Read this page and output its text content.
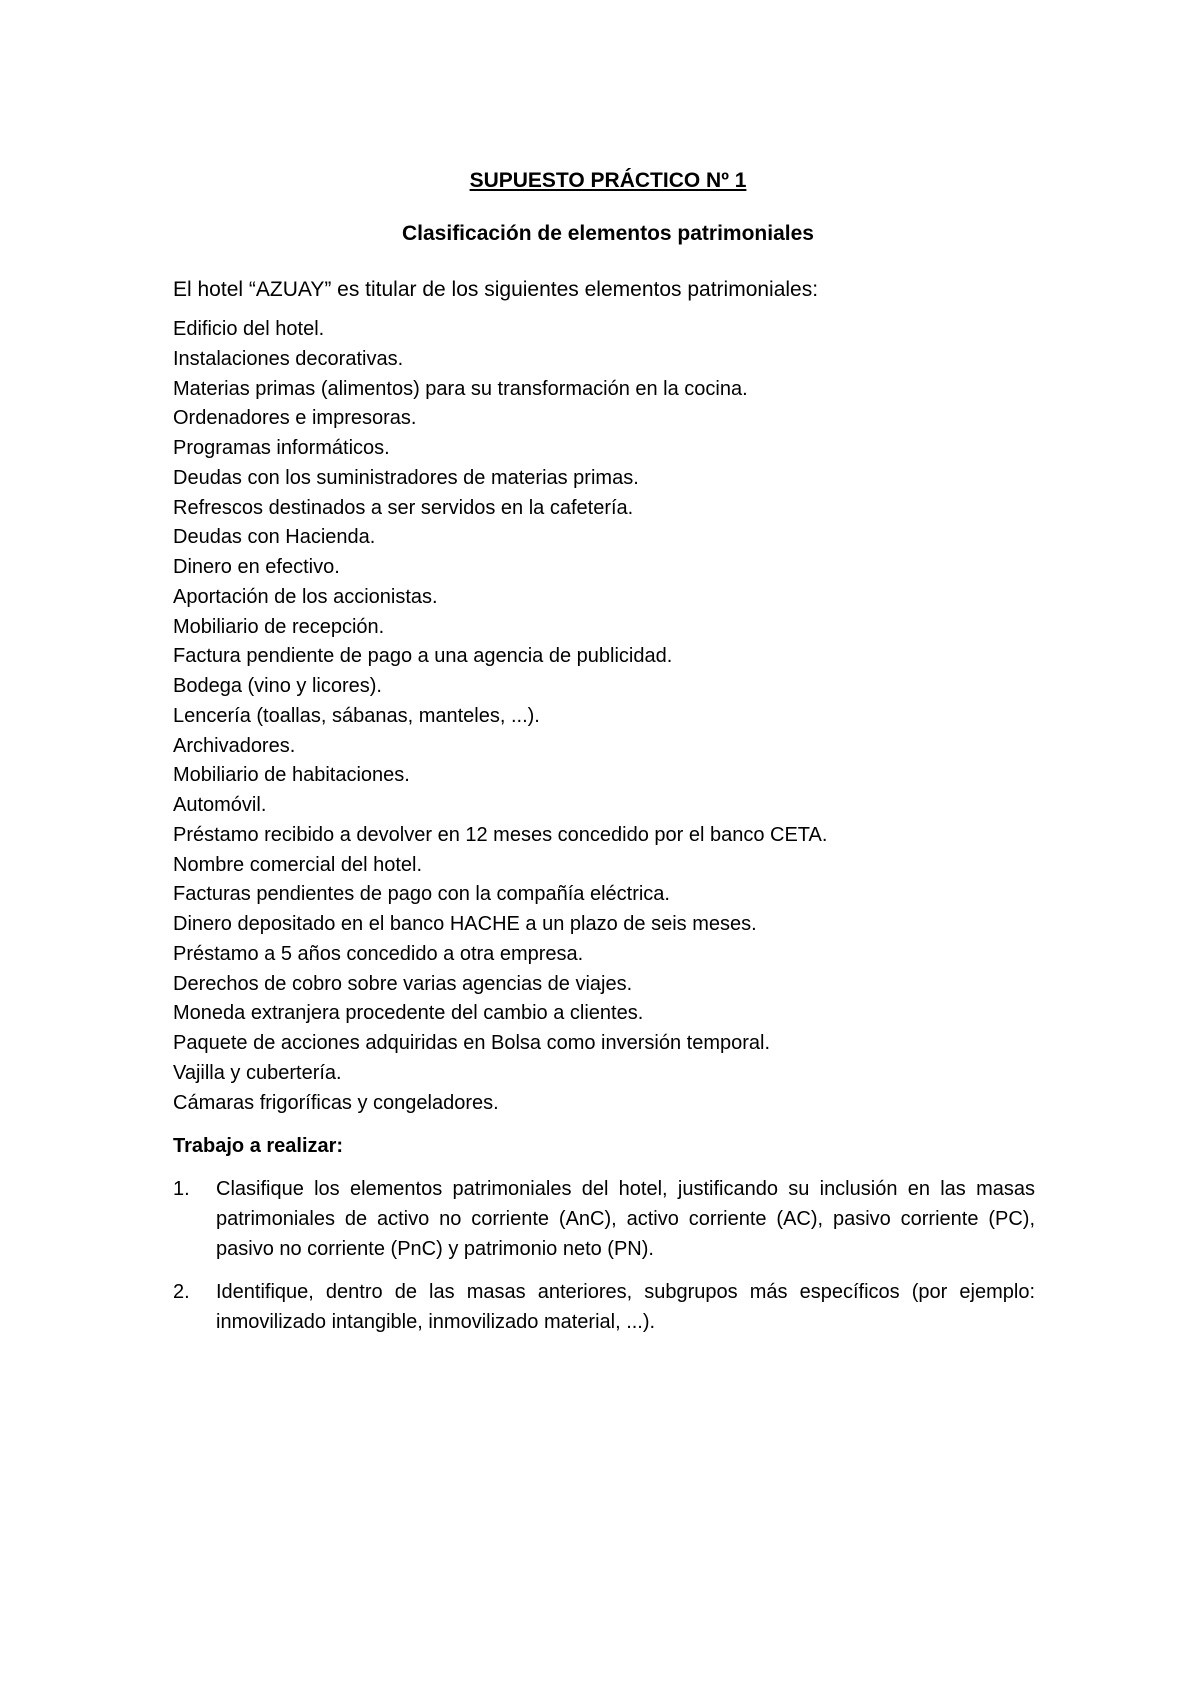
SUPUESTO PRÁCTICO Nº 1
Clasificación de elementos patrimoniales
El hotel “AZUAY” es titular de los siguientes elementos patrimoniales:
Edificio del hotel.
Instalaciones decorativas.
Materias primas (alimentos) para su transformación en la cocina.
Ordenadores e impresoras.
Programas informáticos.
Deudas con los suministradores de materias primas.
Refrescos destinados a ser servidos en la cafetería.
Deudas con Hacienda.
Dinero en efectivo.
Aportación de los accionistas.
Mobiliario de recepción.
Factura pendiente de pago a una agencia de publicidad.
Bodega (vino y licores).
Lencería (toallas, sábanas, manteles, ...).
Archivadores.
Mobiliario de habitaciones.
Automóvil.
Préstamo recibido a devolver en 12 meses concedido por el banco CETA.
Nombre comercial del hotel.
Facturas pendientes de pago con la compañía eléctrica.
Dinero depositado en el banco HACHE a un plazo de seis meses.
Préstamo a 5 años concedido a otra empresa.
Derechos de cobro sobre varias agencias de viajes.
Moneda extranjera procedente del cambio a clientes.
Paquete de acciones adquiridas en Bolsa como inversión temporal.
Vajilla y cubertería.
Cámaras frigoríficas y congeladores.
Trabajo a realizar:
1. Clasifique los elementos patrimoniales del hotel, justificando su inclusión en las masas patrimoniales de activo no corriente (AnC), activo corriente (AC), pasivo corriente (PC), pasivo no corriente (PnC) y patrimonio neto (PN).
2. Identifique, dentro de las masas anteriores, subgrupos más específicos (por ejemplo: inmovilizado intangible, inmovilizado material, ...).
